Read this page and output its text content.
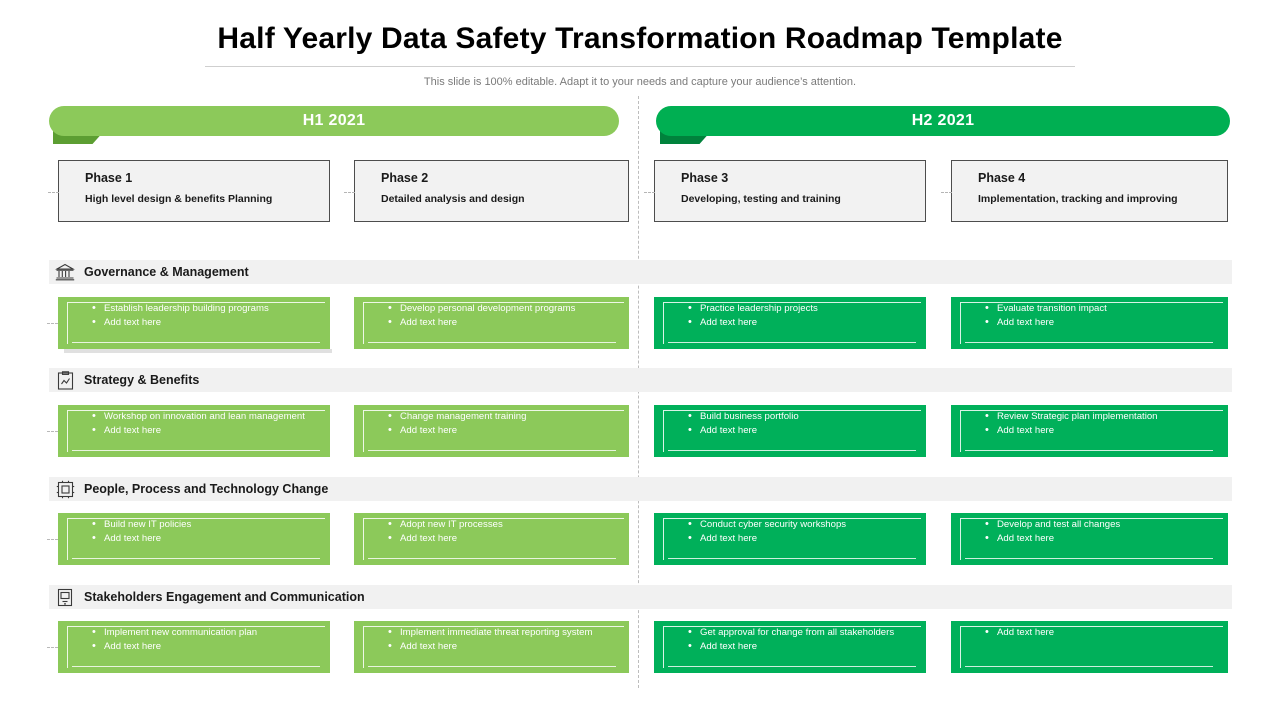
Half Yearly Data Safety Transformation Roadmap Template
This slide is 100% editable. Adapt it to your needs and capture your audience’s attention.
H1 2021	H2 2021
Phase 1
High level design & benefits Planning
Phase 2
Detailed analysis and design
Phase 3
Developing, testing and training
Phase 4
Implementation, tracking and improving
Governance & Management
• Establish leadership building programs
• Add text here
• Develop personal development programs
• Add text here
• Practice leadership projects
• Add text here
• Evaluate transition impact
• Add text here
Strategy & Benefits
• Workshop on innovation and lean management
• Add text here
• Change management training
• Add text here
• Build business portfolio
• Add text here
• Review Strategic plan implementation
• Add text here
People, Process and Technology Change
• Build new IT policies
• Add text here
• Adopt new IT processes
• Add text here
• Conduct cyber security workshops
• Add text here
• Develop and test all changes
• Add text here
Stakeholders Engagement and Communication
• Implement new communication plan
• Add text here
• Implement immediate threat reporting system
• Add text here
• Get approval for change from all stakeholders
• Add text here
• Add text here
